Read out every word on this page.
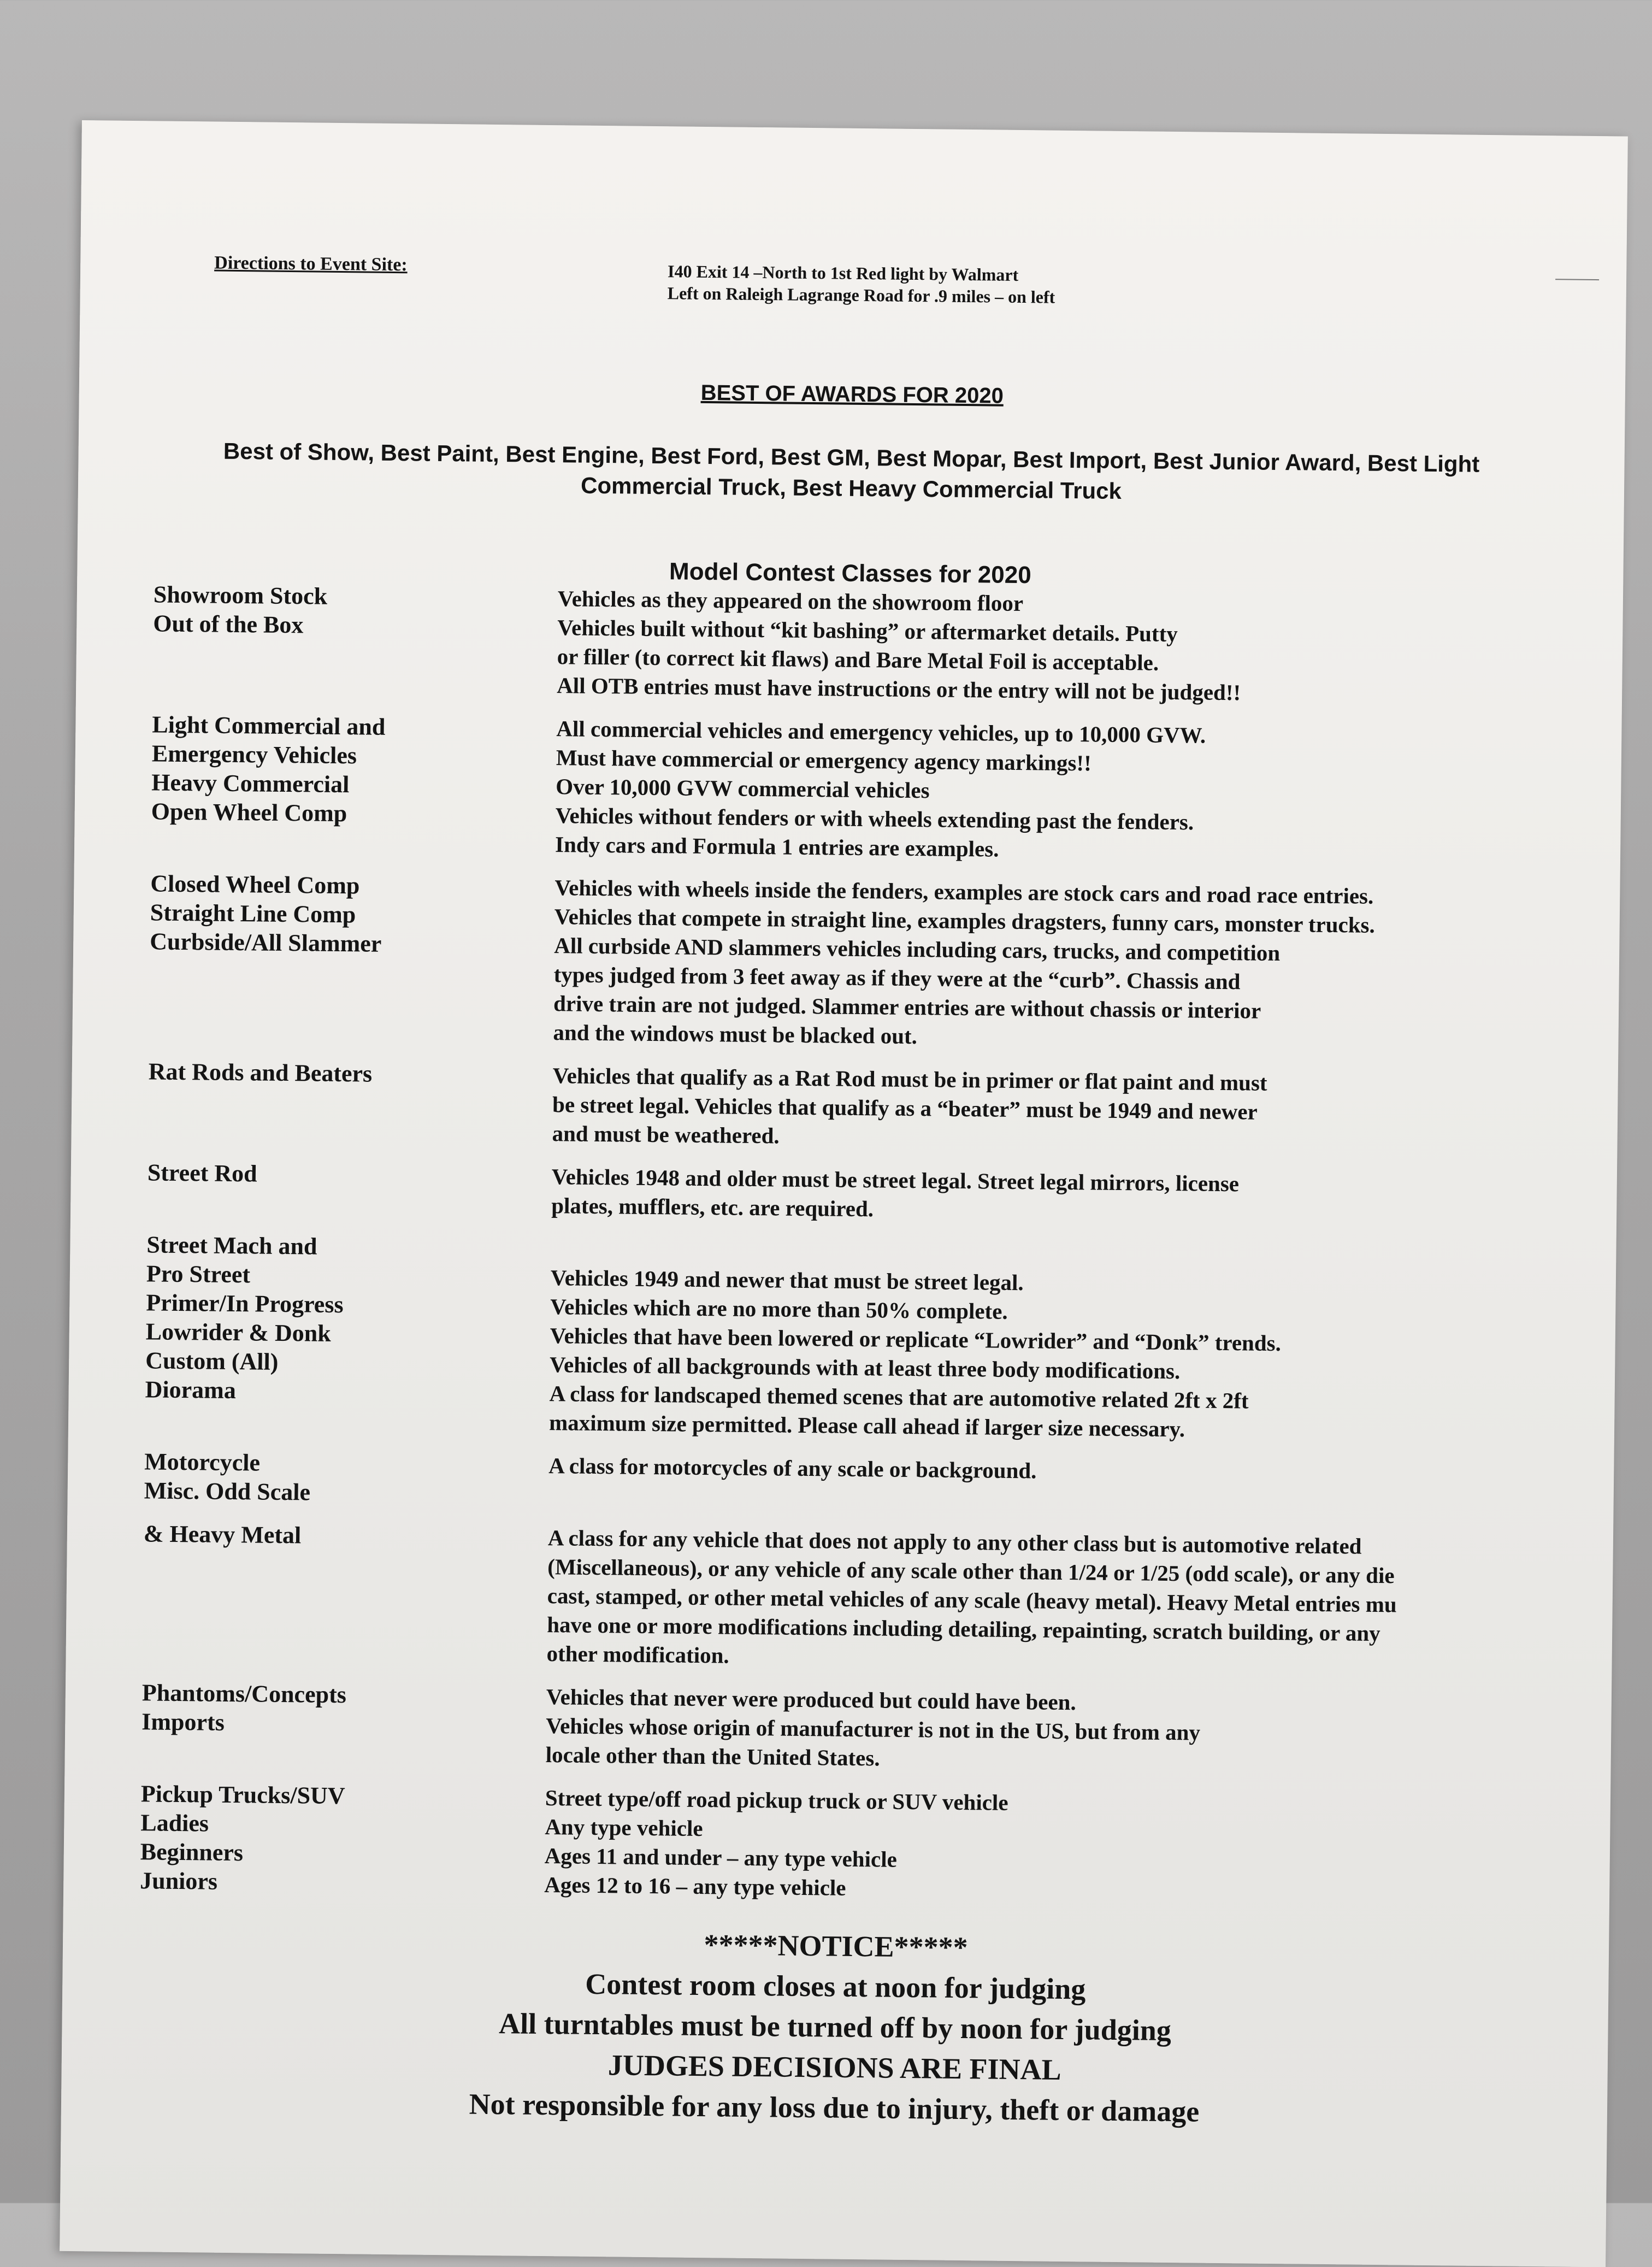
Directions to Event Site:	I40 Exit 14 –North to 1st Red light by Walmart
Left on Raleigh Lagrange Road for .9 miles – on left
BEST OF AWARDS FOR 2020
Best of Show, Best Paint, Best Engine, Best Ford, Best GM, Best Mopar, Best Import, Best Junior Award, Best Light Commercial Truck, Best Heavy Commercial Truck
Model Contest Classes for 2020
Showroom Stock	Vehicles as they appeared on the showroom floor
Out of the Box	Vehicles built without “kit bashing” or aftermarket details. Putty
or filler (to correct kit flaws) and Bare Metal Foil is acceptable.
All OTB entries must have instructions or the entry will not be judged!!
Light Commercial and	All commercial vehicles and emergency vehicles, up to 10,000 GVW.
Emergency Vehicles	Must have commercial or emergency agency markings!!
Heavy Commercial	Over 10,000 GVW commercial vehicles
Open Wheel Comp	Vehicles without fenders or with wheels extending past the fenders.
Indy cars and Formula 1 entries are examples.
Closed Wheel Comp	Vehicles with wheels inside the fenders, examples are stock cars and road race entries.
Straight Line Comp	Vehicles that compete in straight line, examples dragsters, funny cars, monster trucks.
Curbside/All Slammer	All curbside AND slammers vehicles including cars, trucks, and competition
types judged from 3 feet away as if they were at the “curb”. Chassis and
drive train are not judged. Slammer entries are without chassis or interior
and the windows must be blacked out.
Rat Rods and Beaters	Vehicles that qualify as a Rat Rod must be in primer or flat paint and must
be street legal. Vehicles that qualify as a “beater” must be 1949 and newer
and must be weathered.
Street Rod	Vehicles 1948 and older must be street legal. Street legal mirrors, license
plates, mufflers, etc. are required.
Street Mach and
Pro Street	Vehicles 1949 and newer that must be street legal.
Primer/In Progress	Vehicles which are no more than 50% complete.
Lowrider & Donk	Vehicles that have been lowered or replicate “Lowrider” and “Donk” trends.
Custom (All)	Vehicles of all backgrounds with at least three body modifications.
Diorama	A class for landscaped themed scenes that are automotive related 2ft x 2ft
maximum size permitted. Please call ahead if larger size necessary.
Motorcycle	A class for motorcycles of any scale or background.
Misc. Odd Scale
& Heavy Metal	A class for any vehicle that does not apply to any other class but is automotive related
(Miscellaneous), or any vehicle of any scale other than 1/24 or 1/25 (odd scale), or any die
cast, stamped, or other metal vehicles of any scale (heavy metal). Heavy Metal entries mu
have one or more modifications including detailing, repainting, scratch building, or any
other modification.
Phantoms/Concepts	Vehicles that never were produced but could have been.
Imports	Vehicles whose origin of manufacturer is not in the US, but from any
locale other than the United States.
Pickup Trucks/SUV	Street type/off road pickup truck or SUV vehicle
Ladies	Any type vehicle
Beginners	Ages 11 and under – any type vehicle
Juniors	Ages 12 to 16 – any type vehicle
*****NOTICE*****
Contest room closes at noon for judging
All turntables must be turned off by noon for judging
JUDGES DECISIONS ARE FINAL
Not responsible for any loss due to injury, theft or damage
